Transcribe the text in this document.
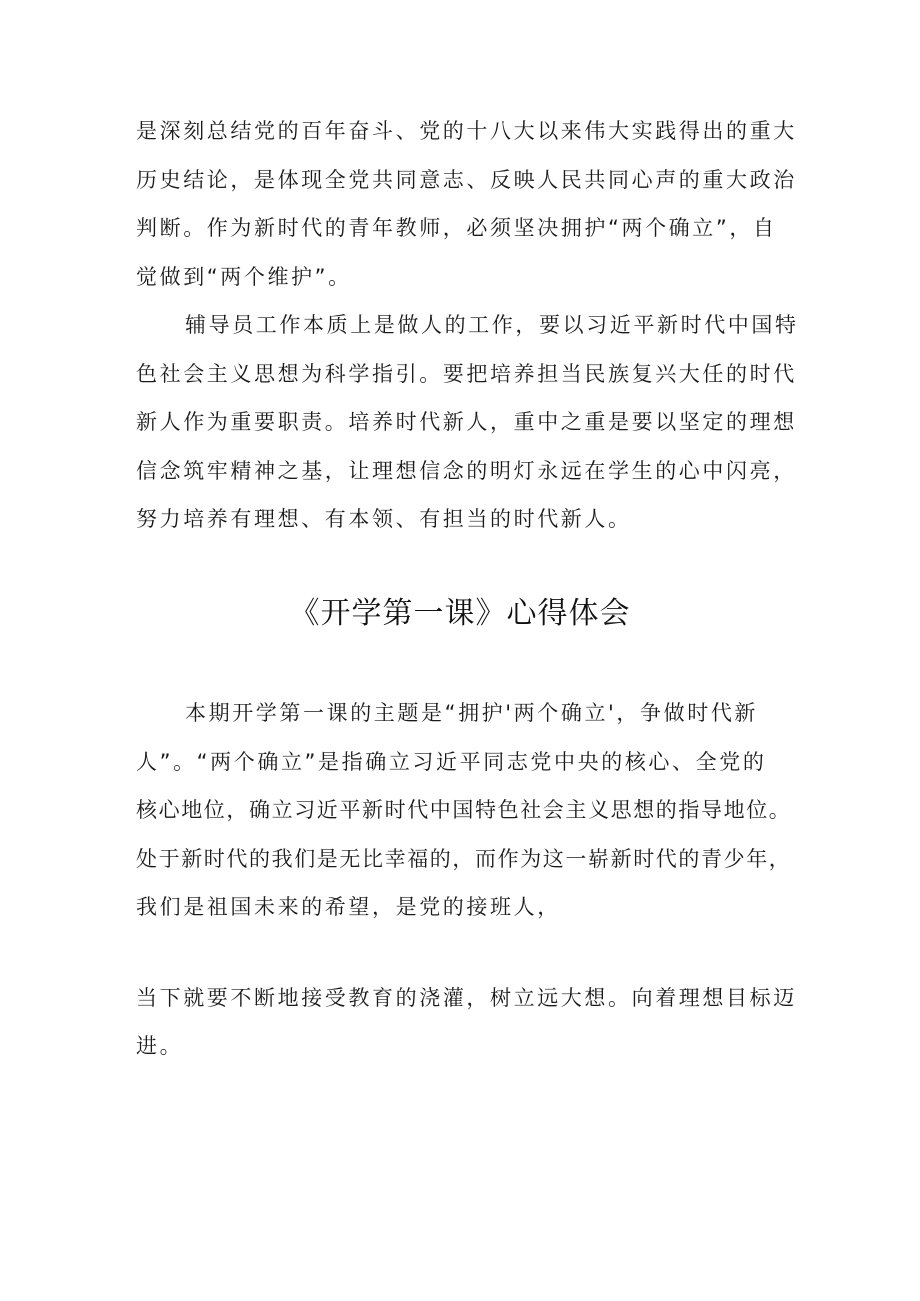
是深刻总结党的百年奋斗、党的十八大以来伟大实践得出的重大
历史结论，是体现全党共同意志、反映人民共同心声的重大政治
判断。作为新时代的青年教师，必须坚决拥护“两个确立”，自
觉做到“两个维护”。
辅导员工作本质上是做人的工作，要以习近平新时代中国特
色社会主义思想为科学指引。要把培养担当民族复兴大任的时代
新人作为重要职责。培养时代新人，重中之重是要以坚定的理想
信念筑牢精神之基，让理想信念的明灯永远在学生的心中闪亮，
努力培养有理想、有本领、有担当的时代新人。
《开学第一课》心得体会
本期开学第一课的主题是“拥护'两个确立'，争做时代新
人”。“两个确立”是指确立习近平同志党中央的核心、全党的
核心地位，确立习近平新时代中国特色社会主义思想的指导地位。
处于新时代的我们是无比幸福的，而作为这一崭新时代的青少年，
我们是祖国未来的希望，是党的接班人，
当下就要不断地接受教育的浇灌，树立远大想。向着理想目标迈
进。
